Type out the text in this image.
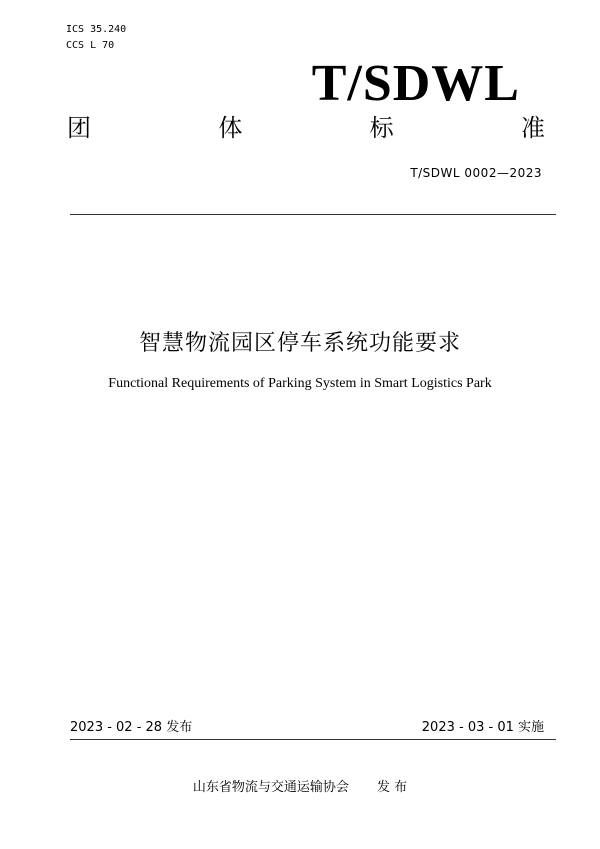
ICS 35.240
CCS L 70
T/SDWL
团	体	标	准
T/SDWL 0002—2023
智慧物流园区停车系统功能要求
Functional Requirements of Parking System in Smart Logistics Park
2023 - 02 - 28 发布	2023 - 03 - 01 实施
山东省物流与交通运输协会 发 布
